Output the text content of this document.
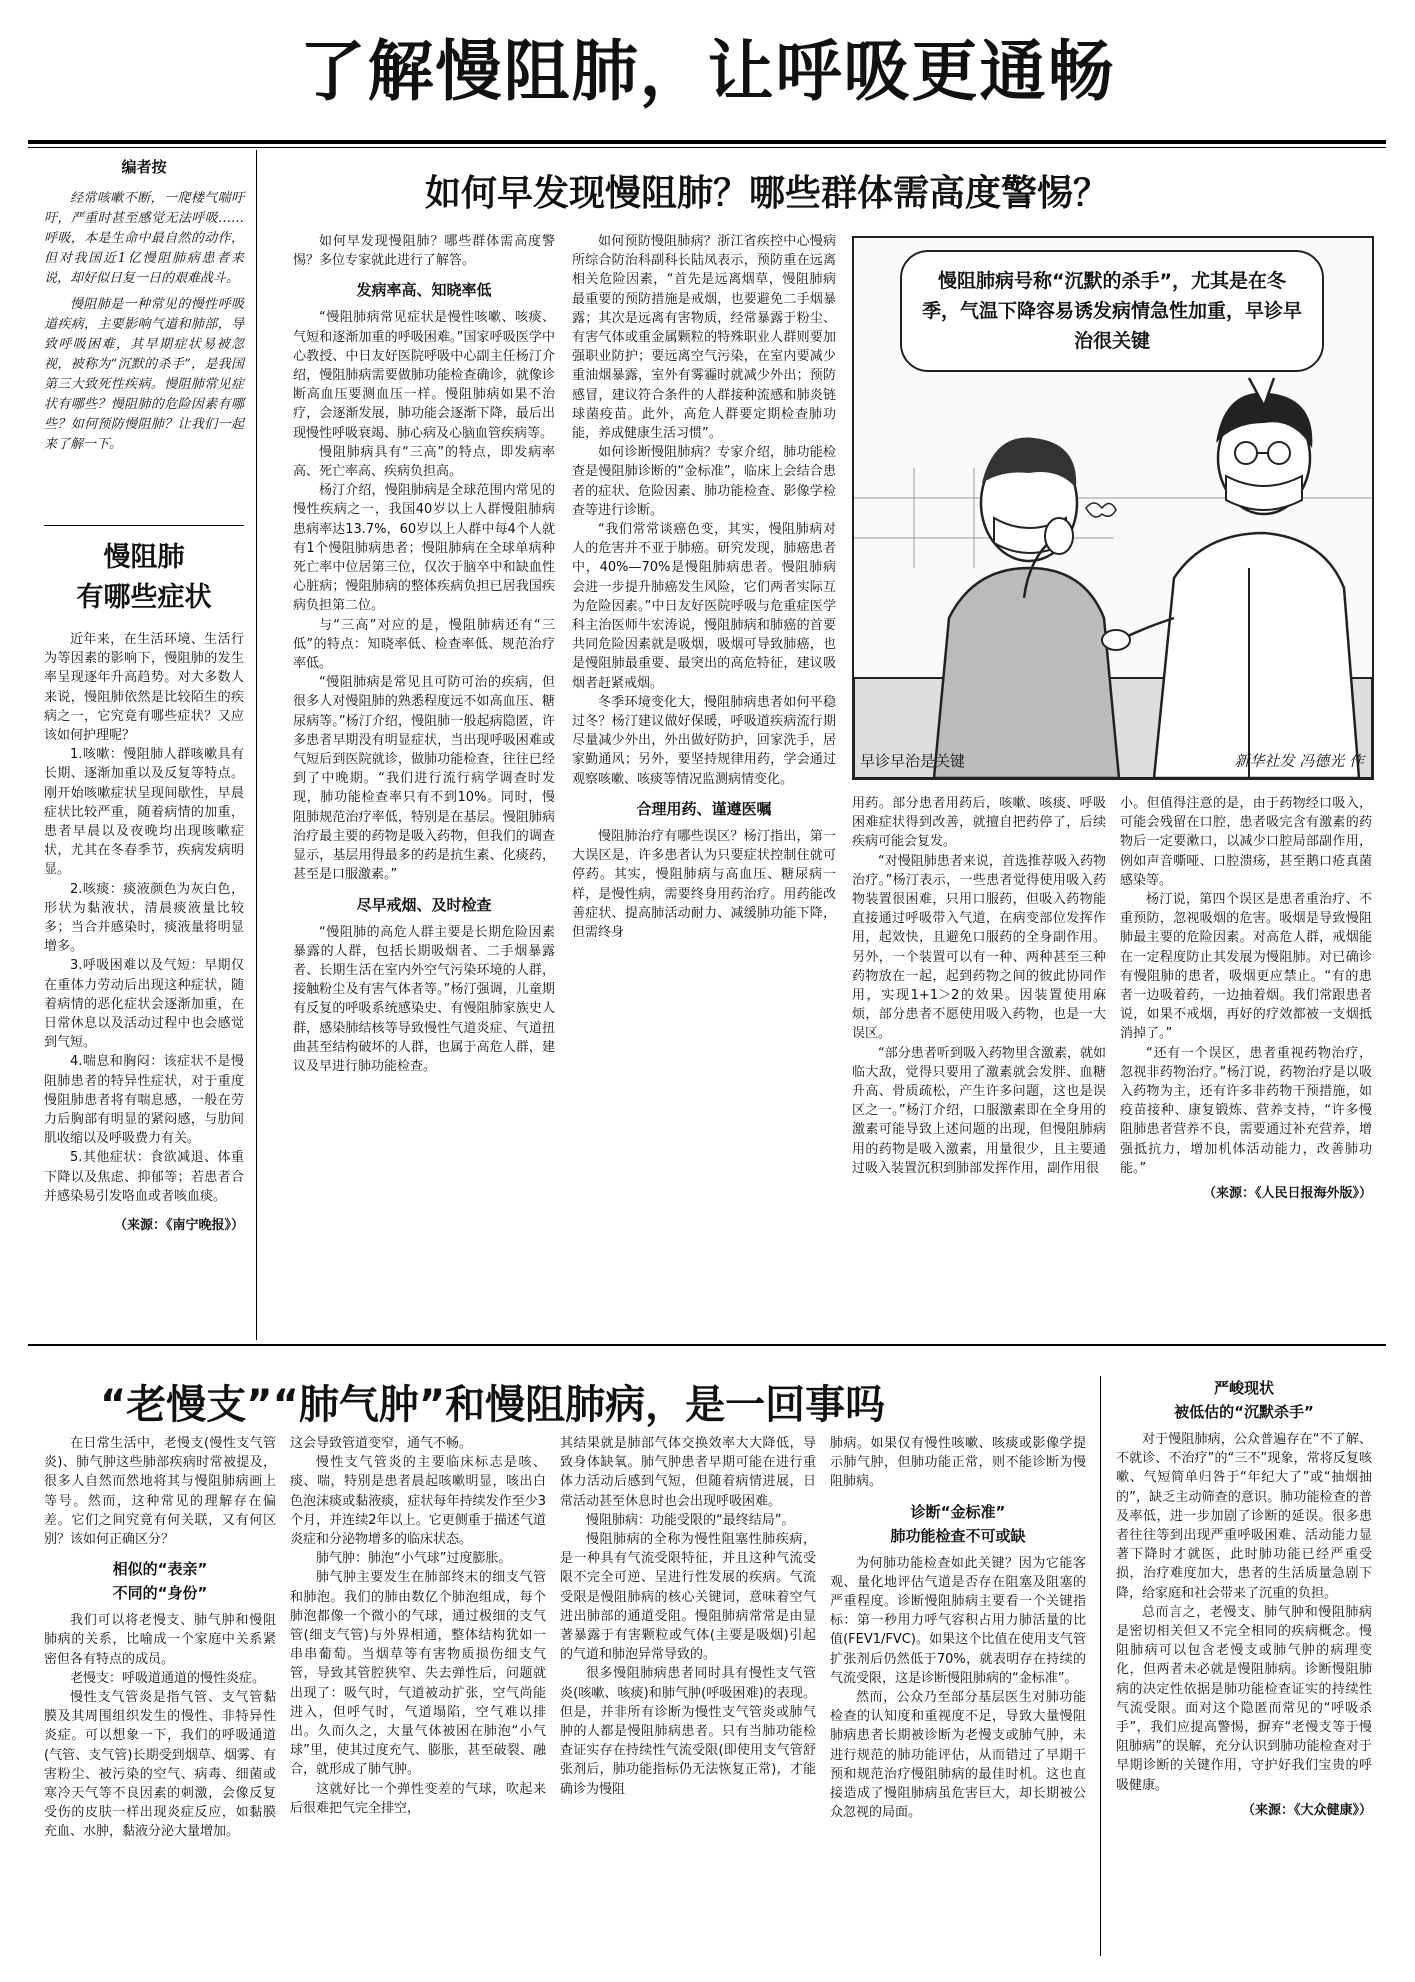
了解慢阻肺，让呼吸更通畅
编者按

经常咳嗽不断，一爬楼气喘吁吁，严重时甚至感觉无法呼吸……呼吸，本是生命中最自然的动作，但对我国近1亿慢阻肺病患者来说，却好似日复一日的艰难战斗。

慢阻肺是一种常见的慢性呼吸道疾病，主要影响气道和肺部，导致呼吸困难，其早期症状易被忽视，被称为“沉默的杀手”，是我国第三大致死性疾病。慢阻肺常见症状有哪些？慢阻肺的危险因素有哪些？如何预防慢阻肺？让我们一起来了解一下。

慢阻肺
有哪些症状

近年来，在生活环境、生活行为等因素的影响下，慢阻肺的发生率呈现逐年升高趋势。对大多数人来说，慢阻肺依然是比较陌生的疾病之一，它究竟有哪些症状？又应该如何护理呢？

1.咳嗽：慢阻肺人群咳嗽具有长期、逐渐加重以及反复等特点。刚开始咳嗽症状呈现间歇性，早晨症状比较严重，随着病情的加重，患者早晨以及夜晚均出现咳嗽症状，尤其在冬春季节，疾病发病明显。

2.咳痰：痰液颜色为灰白色，形状为黏液状，清晨痰液量比较多；当合并感染时，痰液量将明显增多。

3.呼吸困难以及气短：早期仅在重体力劳动后出现这种症状，随着病情的恶化症状会逐渐加重，在日常休息以及活动过程中也会感觉到气短。

4.喘息和胸闷：该症状不是慢阻肺患者的特异性症状，对于重度慢阻肺患者将有喘息感，一般在劳力后胸部有明显的紧闷感，与肋间肌收缩以及呼吸费力有关。

5.其他症状：食欲减退、体重下降以及焦虑、抑郁等；若患者合并感染易引发咯血或者咳血痰。

（来源：《南宁晚报》）
如何早发现慢阻肺？哪些群体需高度警惕？

如何早发现慢阻肺？哪些群体需高度警惕？多位专家就此进行了解答。

发病率高、知晓率低

“慢阻肺病常见症状是慢性咳嗽、咳痰、气短和逐渐加重的呼吸困难。”国家呼吸医学中心教授、中日友好医院呼吸中心副主任杨汀介绍，慢阻肺病需要做肺功能检查确诊，就像诊断高血压要测血压一样。慢阻肺病如果不治疗，会逐渐发展，肺功能会逐渐下降，最后出现慢性呼吸衰竭、肺心病及心脑血管疾病等。

慢阻肺病具有“三高”的特点，即发病率高、死亡率高、疾病负担高。

杨汀介绍，慢阻肺病是全球范围内常见的慢性疾病之一，我国40岁以上人群慢阻肺病患病率达13.7%，60岁以上人群中每4个人就有1个慢阻肺病患者；慢阻肺病在全球单病种死亡率中位居第三位，仅次于脑卒中和缺血性心脏病；慢阻肺病的整体疾病负担已居我国疾病负担第二位。

与“三高”对应的是，慢阻肺病还有“三低”的特点：知晓率低、检查率低、规范治疗率低。

“慢阻肺病是常见且可防可治的疾病，但很多人对慢阻肺的熟悉程度远不如高血压、糖尿病等。”杨汀介绍，慢阻肺一般起病隐匿，许多患者早期没有明显症状，当出现呼吸困难或气短后到医院就诊，做肺功能检查，往往已经到了中晚期。“我们进行流行病学调查时发现，肺功能检查率只有不到10%。同时，慢阻肺规范治疗率低，特别是在基层。慢阻肺病治疗最主要的药物是吸入药物，但我们的调查显示，基层用得最多的药是抗生素、化痰药，甚至是口服激素。”

尽早戒烟、及时检查

“慢阻肺的高危人群主要是长期危险因素暴露的人群，包括长期吸烟者、二手烟暴露者、长期生活在室内外空气污染环境的人群，接触粉尘及有害气体者等。”杨汀强调，儿童期有反复的呼吸系统感染史、有慢阻肺家族史人群，感染肺结核等导致慢性气道炎症、气道扭曲甚至结构破坏的人群，也属于高危人群，建议及早进行肺功能检查。

如何预防慢阻肺病？浙江省疾控中心慢病所综合防治科副科长陆凤表示，预防重在远离相关危险因素，“首先是远离烟草，慢阻肺病最重要的预防措施是戒烟，也要避免二手烟暴露；其次是远离有害物质，经常暴露于粉尘、有害气体或重金属颗粒的特殊职业人群则要加强职业防护；要远离空气污染，在室内要减少重油烟暴露，室外有雾霾时就减少外出；预防感冒，建议符合条件的人群接种流感和肺炎链球菌疫苗。此外，高危人群要定期检查肺功能，养成健康生活习惯”。

如何诊断慢阻肺病？专家介绍，肺功能检查是慢阻肺诊断的“金标准”，临床上会结合患者的症状、危险因素、肺功能检查、影像学检查等进行诊断。

“我们常常谈癌色变，其实，慢阻肺病对人的危害并不亚于肺癌。研究发现，肺癌患者中，40%—70%是慢阻肺病患者。慢阻肺病会进一步提升肺癌发生风险，它们两者实际互为危险因素。”中日友好医院呼吸与危重症医学科主治医师牛宏涛说，慢阻肺病和肺癌的首要共同危险因素就是吸烟，吸烟可导致肺癌，也是慢阻肺最重要、最突出的高危特征，建议吸烟者赶紧戒烟。

冬季环境变化大，慢阻肺病患者如何平稳过冬？杨汀建议做好保暖，呼吸道疾病流行期尽量减少外出，外出做好防护，回家洗手，居家勤通风；另外，要坚持规律用药，学会通过观察咳嗽、咳痰等情况监测病情变化。

合理用药、谨遵医嘱

慢阻肺治疗有哪些误区？杨汀指出，第一大误区是，许多患者认为只要症状控制住就可停药。其实，慢阻肺病与高血压、糖尿病一样，是慢性病，需要终身用药治疗。用药能改善症状、提高肺活动耐力、减缓肺功能下降，但需终身

慢阻肺病号称“沉默的杀手”，尤其是在冬季，气温下降容易诱发病情急性加重，早诊早治很关键
早诊早治是关键	新华社发 冯德光 作

用药。部分患者用药后，咳嗽、咳痰、呼吸困难症状得到改善，就擅自把药停了，后续疾病可能会复发。

“对慢阻肺患者来说，首选推荐吸入药物治疗。”杨汀表示，一些患者觉得使用吸入药物装置很困难，只用口服药，但吸入药物能直接通过呼吸带入气道，在病变部位发挥作用，起效快，且避免口服药的全身副作用。另外，一个装置可以有一种、两种甚至三种药物放在一起，起到药物之间的彼此协同作用，实现1+1＞2的效果。因装置使用麻烦，部分患者不愿使用吸入药物，也是一大误区。

“部分患者听到吸入药物里含激素，就如临大敌，觉得只要用了激素就会发胖、血糖升高、骨质疏松，产生许多问题，这也是误区之一。”杨汀介绍，口服激素即在全身用的激素可能导致上述问题的出现，但慢阻肺病用的药物是吸入激素，用量很少，且主要通过吸入装置沉积到肺部发挥作用，副作用很

小。但值得注意的是，由于药物经口吸入，可能会残留在口腔，患者吸完含有激素的药物后一定要漱口，以减少口腔局部副作用，例如声音嘶哑、口腔溃疡，甚至鹅口疮真菌感染等。

杨汀说，第四个误区是患者重治疗、不重预防，忽视吸烟的危害。吸烟是导致慢阻肺最主要的危险因素。对高危人群，戒烟能在一定程度防止其发展为慢阻肺。对已确诊有慢阻肺的患者，吸烟更应禁止。“有的患者一边吸着药，一边抽着烟。我们常跟患者说，如果不戒烟，再好的疗效都被一支烟抵消掉了。”

“还有一个误区，患者重视药物治疗，忽视非药物治疗。”杨汀说，药物治疗是以吸入药物为主，还有许多非药物干预措施，如疫苗接种、康复锻炼、营养支持，“许多慢阻肺患者营养不良，需要通过补充营养，增强抵抗力，增加机体活动能力，改善肺功能。”

（来源：《人民日报海外版》）
“老慢支”“肺气肿”和慢阻肺病，是一回事吗

在日常生活中，老慢支(慢性支气管炎)、肺气肿这些肺部疾病时常被提及，很多人自然而然地将其与慢阻肺病画上等号。然而，这种常见的理解存在偏差。它们之间究竟有何关联，又有何区别？该如何正确区分？

相似的“表亲”
不同的“身份”

我们可以将老慢支、肺气肿和慢阻肺病的关系，比喻成一个家庭中关系紧密但各有特点的成员。

老慢支：呼吸道通道的慢性炎症。

慢性支气管炎是指气管、支气管黏膜及其周围组织发生的慢性、非特异性炎症。可以想象一下，我们的呼吸通道(气管、支气管)长期受到烟草、烟雾、有害粉尘、被污染的空气、病毒、细菌或寒冷天气等不良因素的刺激，会像反复受伤的皮肤一样出现炎症反应，如黏膜充血、水肿，黏液分泌大量增加。

这会导致管道变窄，通气不畅。

慢性支气管炎的主要临床标志是咳、痰、喘，特别是患者晨起咳嗽明显，咳出白色泡沫痰或黏液痰，症状每年持续发作至少3个月，并连续2年以上。它更侧重于描述气道炎症和分泌物增多的临床状态。

肺气肿：肺泡“小气球”过度膨胀。

肺气肿主要发生在肺部终末的细支气管和肺泡。我们的肺由数亿个肺泡组成，每个肺泡都像一个微小的气球，通过极细的支气管(细支气管)与外界相通，整体结构犹如一串串葡萄。当烟草等有害物质损伤细支气管，导致其管腔狭窄、失去弹性后，问题就出现了：吸气时，气道被动扩张，空气尚能进入，但呼气时，气道塌陷，空气难以排出。久而久之，大量气体被困在肺泡“小气球”里，使其过度充气、膨胀，甚至破裂、融合，就形成了肺气肿。

这就好比一个弹性变差的气球，吹起来后很难把气完全排空，

其结果就是肺部气体交换效率大大降低，导致身体缺氧。肺气肿患者早期可能在进行重体力活动后感到气短，但随着病情进展，日常活动甚至休息时也会出现呼吸困难。

慢阻肺病：功能受限的“最终结局”。

慢阻肺病的全称为慢性阻塞性肺疾病，是一种具有气流受限特征，并且这种气流受限不完全可逆、呈进行性发展的疾病。气流受限是慢阻肺病的核心关键词，意味着空气进出肺部的通道受阻。慢阻肺病常常是由显著暴露于有害颗粒或气体(主要是吸烟)引起的气道和肺泡异常导致的。

很多慢阻肺病患者同时具有慢性支气管炎(咳嗽、咳痰)和肺气肿(呼吸困难)的表现。但是，并非所有诊断为慢性支气管炎或肺气肿的人都是慢阻肺病患者。只有当肺功能检查证实存在持续性气流受限(即使用支气管舒张剂后，肺功能指标仍无法恢复正常)，才能确诊为慢阻

肺病。如果仅有慢性咳嗽、咳痰或影像学提示肺气肿，但肺功能正常，则不能诊断为慢阻肺病。

诊断“金标准”
肺功能检查不可或缺

为何肺功能检查如此关键？因为它能客观、量化地评估气道是否存在阻塞及阻塞的严重程度。诊断慢阻肺病主要看一个关键指标：第一秒用力呼气容积占用力肺活量的比值(FEV1/FVC)。如果这个比值在使用支气管扩张剂后仍然低于70%，就表明存在持续的气流受限，这是诊断慢阻肺病的“金标准”。

然而，公众乃至部分基层医生对肺功能检查的认知度和重视度不足，导致大量慢阻肺病患者长期被诊断为老慢支或肺气肿，未进行规范的肺功能评估，从而错过了早期干预和规范治疗慢阻肺病的最佳时机。这也直接造成了慢阻肺病虽危害巨大，却长期被公众忽视的局面。

严峻现状
被低估的“沉默杀手”

对于慢阻肺病，公众普遍存在“不了解、不就诊、不治疗”的“三不”现象，常将反复咳嗽、气短简单归咎于“年纪大了”或“抽烟抽的”，缺乏主动筛查的意识。肺功能检查的普及率低，进一步加剧了诊断的延误。很多患者往往等到出现严重呼吸困难、活动能力显著下降时才就医，此时肺功能已经严重受损，治疗难度加大，患者的生活质量急剧下降，给家庭和社会带来了沉重的负担。

总而言之，老慢支、肺气肿和慢阻肺病是密切相关但又不完全相同的疾病概念。慢阻肺病可以包含老慢支或肺气肿的病理变化，但两者未必就是慢阻肺病。诊断慢阻肺病的决定性依据是肺功能检查证实的持续性气流受限。面对这个隐匿而常见的“呼吸杀手”，我们应提高警惕，摒弃“老慢支等于慢阻肺病”的误解，充分认识到肺功能检查对于早期诊断的关键作用，守护好我们宝贵的呼吸健康。

（来源：《大众健康》）
